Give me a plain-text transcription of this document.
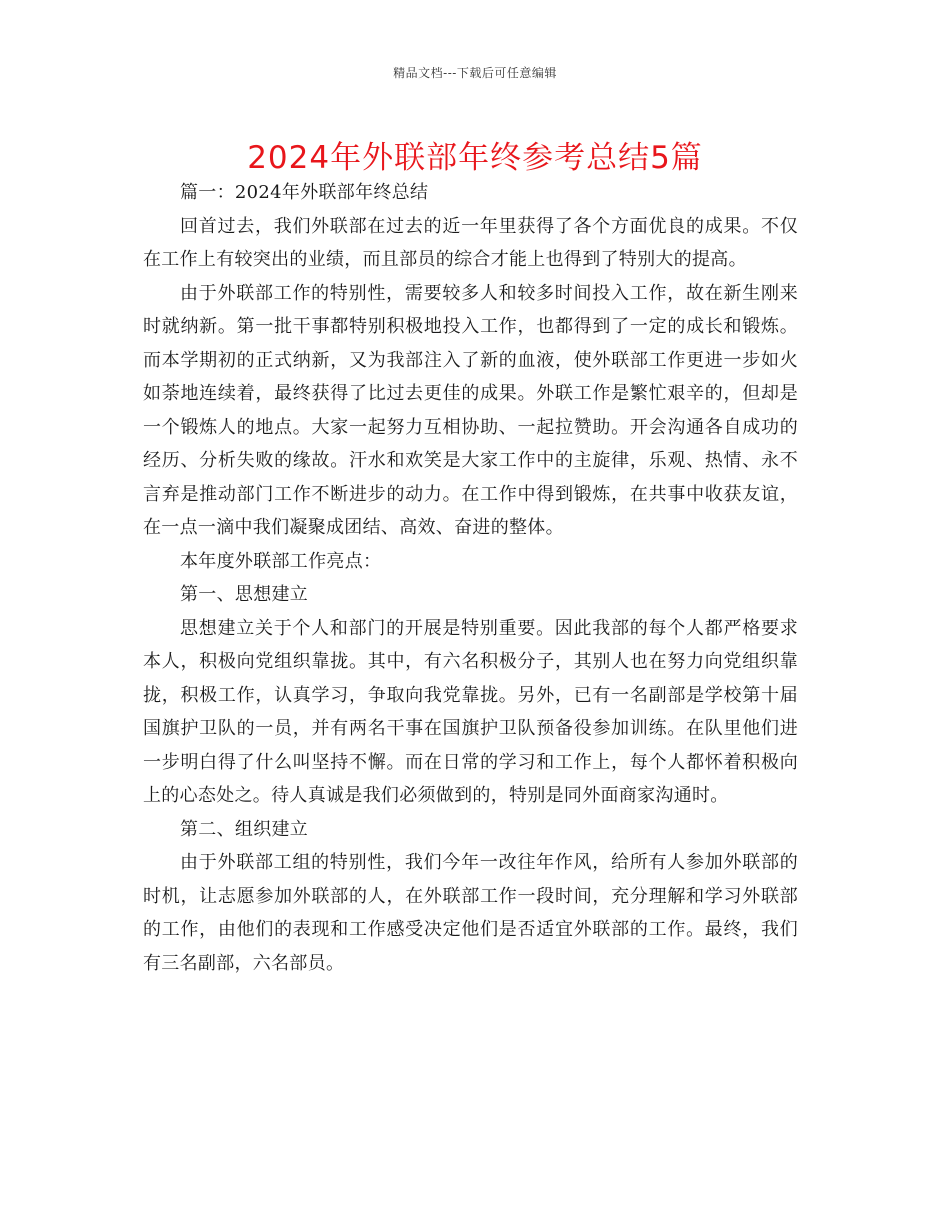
精品文档---下载后可任意编辑
2024年外联部年终参考总结5篇

篇一：2024年外联部年终总结

回首过去，我们外联部在过去的近一年里获得了各个方面优良的成果。不仅在工作上有较突出的业绩，而且部员的综合才能上也得到了特别大的提高。

由于外联部工作的特别性，需要较多人和较多时间投入工作，故在新生刚来时就纳新。第一批干事都特别积极地投入工作，也都得到了一定的成长和锻炼。而本学期初的正式纳新，又为我部注入了新的血液，使外联部工作更进一步如火如荼地连续着，最终获得了比过去更佳的成果。外联工作是繁忙艰辛的，但却是一个锻炼人的地点。大家一起努力互相协助、一起拉赞助。开会沟通各自成功的经历、分析失败的缘故。汗水和欢笑是大家工作中的主旋律，乐观、热情、永不言弃是推动部门工作不断进步的动力。在工作中得到锻炼，在共事中收获友谊，在一点一滴中我们凝聚成团结、高效、奋进的整体。

本年度外联部工作亮点：

第一、思想建立

思想建立关于个人和部门的开展是特别重要。因此我部的每个人都严格要求本人，积极向党组织靠拢。其中，有六名积极分子，其别人也在努力向党组织靠拢，积极工作，认真学习，争取向我党靠拢。另外，已有一名副部是学校第十届国旗护卫队的一员，并有两名干事在国旗护卫队预备役参加训练。在队里他们进一步明白得了什么叫坚持不懈。而在日常的学习和工作上，每个人都怀着积极向上的心态处之。待人真诚是我们必须做到的，特别是同外面商家沟通时。

第二、组织建立

由于外联部工组的特别性，我们今年一改往年作风，给所有人参加外联部的时机，让志愿参加外联部的人，在外联部工作一段时间，充分理解和学习外联部的工作，由他们的表现和工作感受决定他们是否适宜外联部的工作。最终，我们有三名副部，六名部员。
